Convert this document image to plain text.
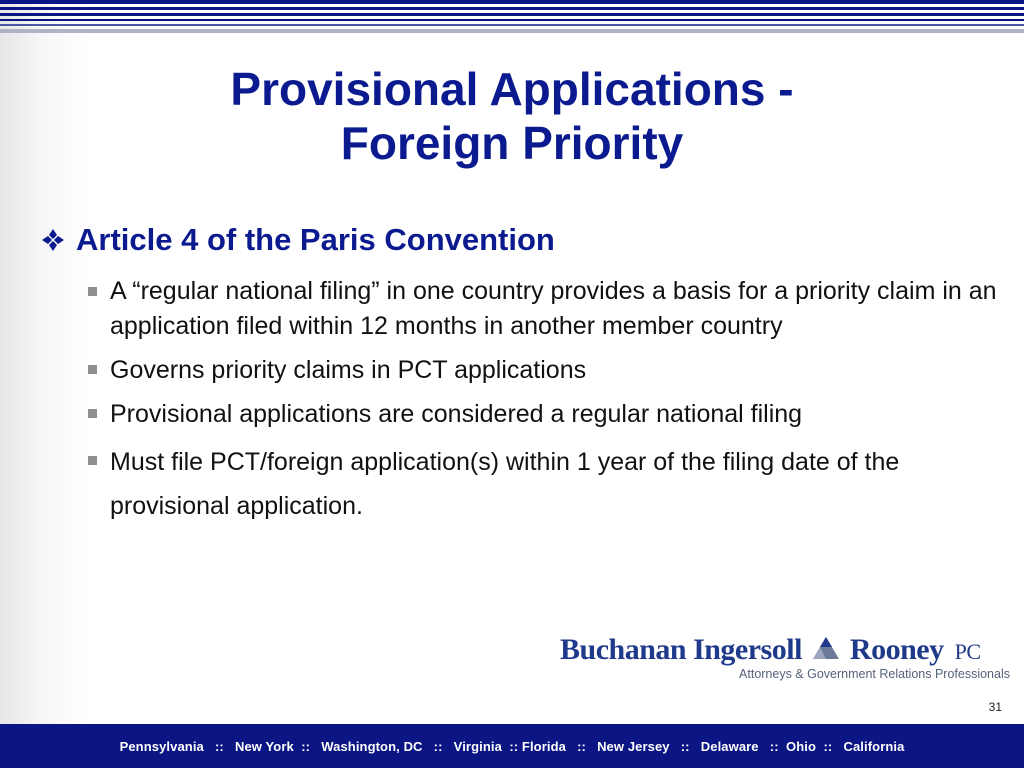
Provisional Applications -
Foreign Priority
Article 4 of the Paris Convention
A “regular national filing” in one country provides a basis for a priority claim in an application filed within 12 months in another member country
Governs priority claims in PCT applications
Provisional applications are considered a regular national filing
Must file PCT/foreign application(s) within 1 year of the filing date of the provisional application.
Buchanan Ingersoll Rooney PC
Attorneys & Government Relations Professionals
31
Pennsylvania   ::   New York  ::   Washington, DC   ::   Virginia  :: Florida   ::   New Jersey   ::   Delaware   ::  Ohio  ::   California
